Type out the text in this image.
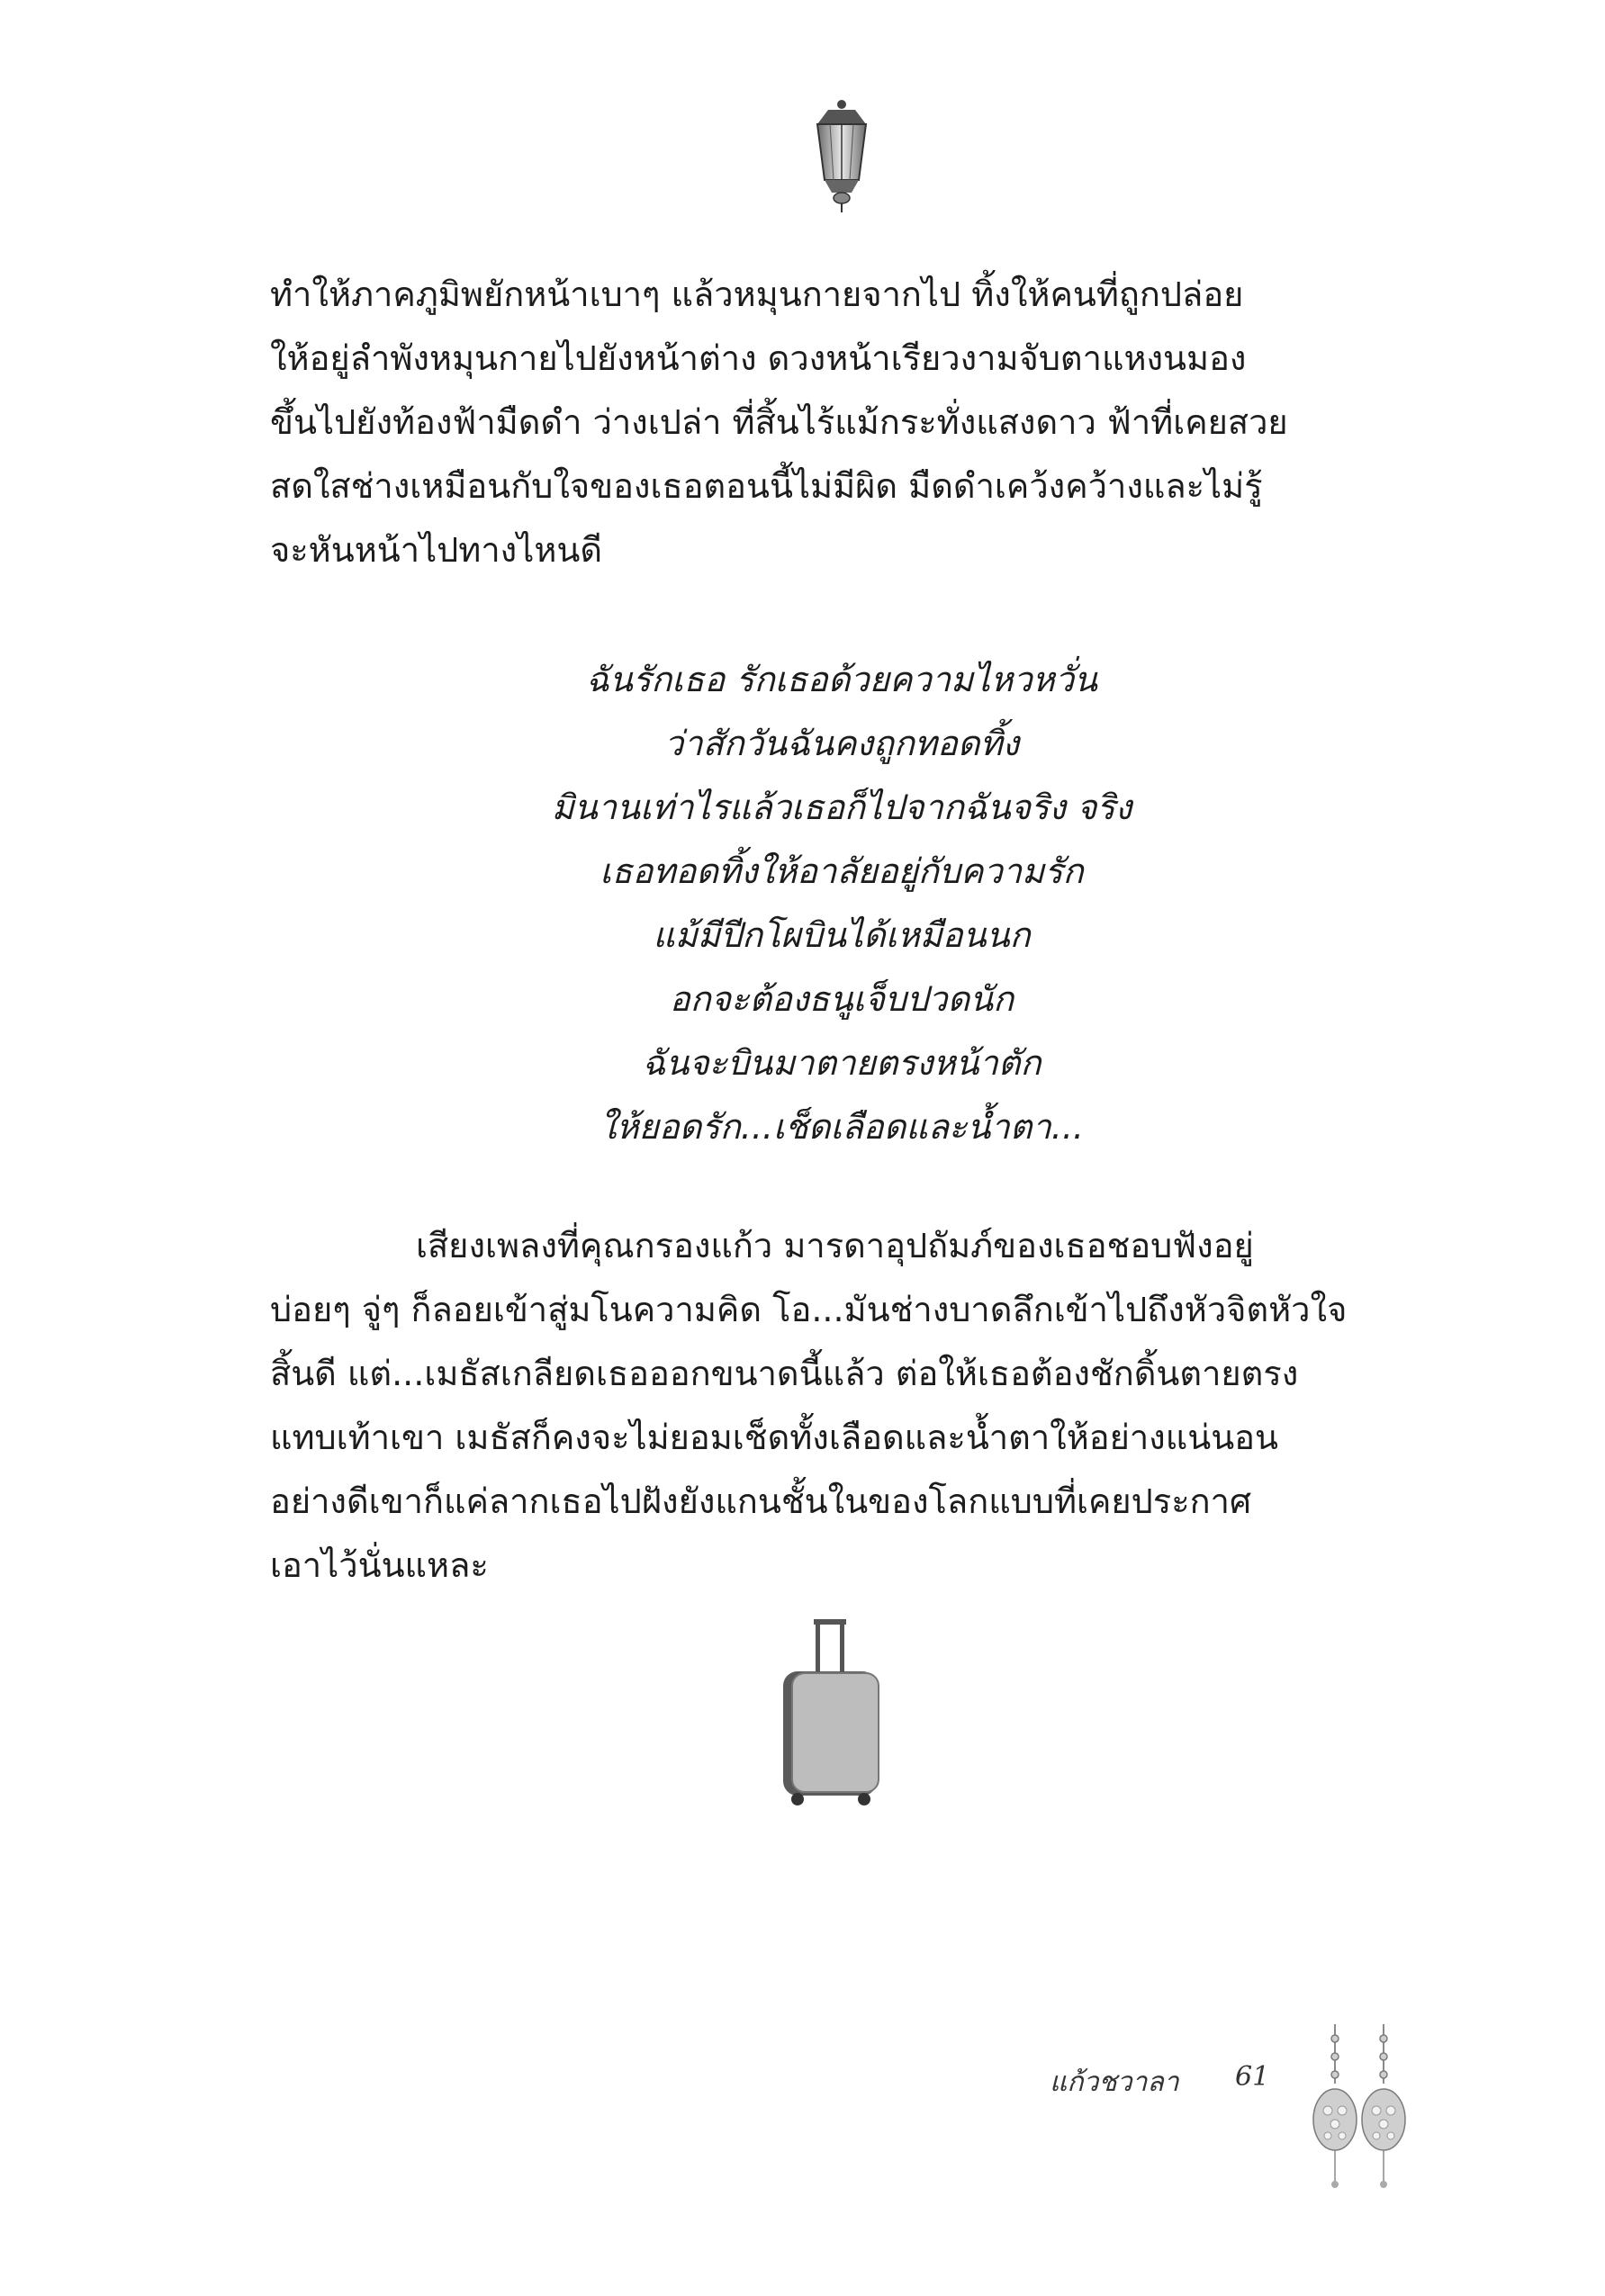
ทำให้ภาคภูมิพยักหน้าเบาๆ แล้วหมุนกายจากไป ทิ้งให้คนที่ถูกปล่อย
ให้อยู่ลำพังหมุนกายไปยังหน้าต่าง ดวงหน้าเรียวงามจับตาแหงนมอง
ขึ้นไปยังท้องฟ้ามืดดำ ว่างเปล่า ที่สิ้นไร้แม้กระทั่งแสงดาว ฟ้าที่เคยสวย
สดใสช่างเหมือนกับใจของเธอตอนนี้ไม่มีผิด มืดดำเคว้งคว้างและไม่รู้
จะหันหน้าไปทางไหนดี
ฉันรักเธอ รักเธอด้วยความไหวหวั่น
ว่าสักวันฉันคงถูกทอดทิ้ง
มินานเท่าไรแล้วเธอก็ไปจากฉันจริง จริง
เธอทอดทิ้งให้อาลัยอยู่กับความรัก
แม้มีปีกโผบินได้เหมือนนก
อกจะต้องธนูเจ็บปวดนัก
ฉันจะบินมาตายตรงหน้าตัก
ให้ยอดรัก...เช็ดเลือดและน้ำตา...
เสียงเพลงที่คุณกรองแก้ว มารดาอุปถัมภ์ของเธอชอบฟังอยู่
บ่อยๆ จู่ๆ ก็ลอยเข้าสู่มโนความคิด โอ...มันช่างบาดลึกเข้าไปถึงหัวจิตหัวใจ
สิ้นดี แต่...เมธัสเกลียดเธอออกขนาดนี้แล้ว ต่อให้เธอต้องชักดิ้นตายตรง
แทบเท้าเขา เมธัสก็คงจะไม่ยอมเช็ดทั้งเลือดและน้ำตาให้อย่างแน่นอน
อย่างดีเขาก็แค่ลากเธอไปฝังยังแกนชั้นในของโลกแบบที่เคยประกาศ
เอาไว้นั่นแหละ
แก้วชวาลา 61
